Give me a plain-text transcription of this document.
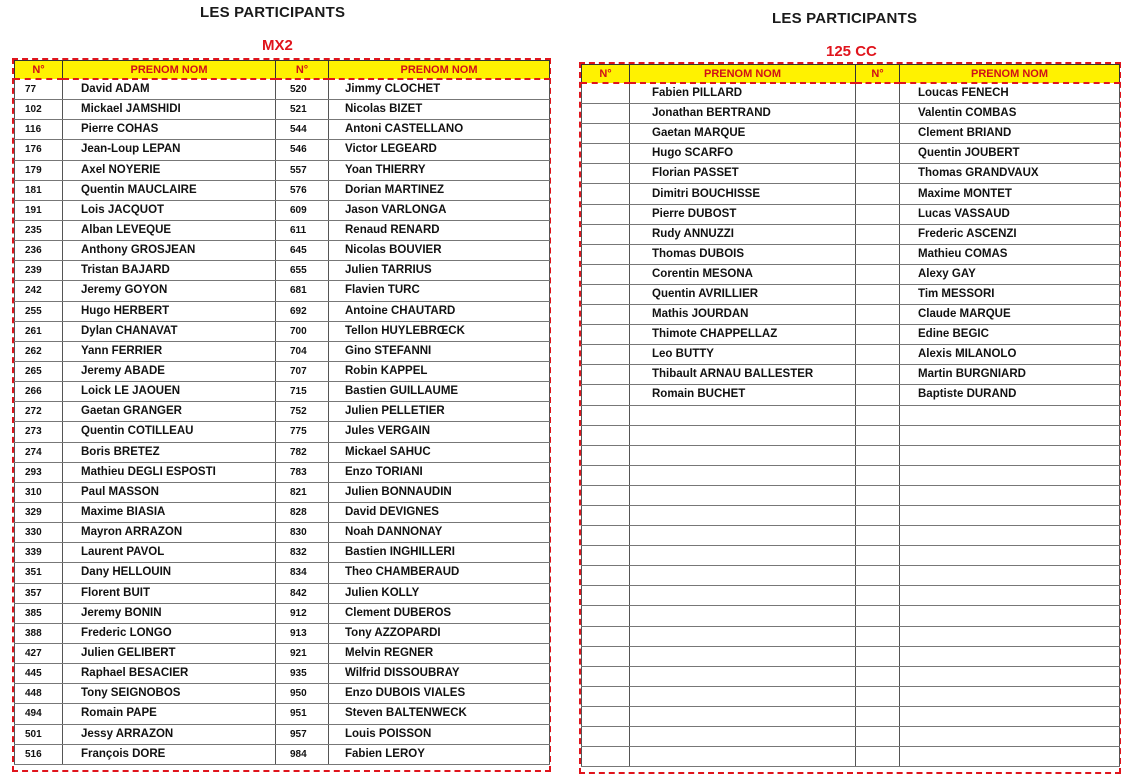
LES PARTICIPANTS
MX2
N°	PRENOM NOM	N°	PRENOM NOM
77	David ADAM	520	Jimmy CLOCHET
102	Mickael JAMSHIDI	521	Nicolas BIZET
116	Pierre COHAS	544	Antoni CASTELLANO
176	Jean-Loup LEPAN	546	Victor LEGEARD
179	Axel NOYERIE	557	Yoan THIERRY
181	Quentin MAUCLAIRE	576	Dorian MARTINEZ
191	Lois JACQUOT	609	Jason VARLONGA
235	Alban LEVEQUE	611	Renaud RENARD
236	Anthony GROSJEAN	645	Nicolas BOUVIER
239	Tristan BAJARD	655	Julien TARRIUS
242	Jeremy GOYON	681	Flavien TURC
255	Hugo HERBERT	692	Antoine CHAUTARD
261	Dylan CHANAVAT	700	Tellon HUYLEBRŒCK
262	Yann FERRIER	704	Gino STEFANNI
265	Jeremy ABADE	707	Robin KAPPEL
266	Loick LE JAOUEN	715	Bastien GUILLAUME
272	Gaetan GRANGER	752	Julien PELLETIER
273	Quentin COTILLEAU	775	Jules VERGAIN
274	Boris BRETEZ	782	Mickael SAHUC
293	Mathieu DEGLI ESPOSTI	783	Enzo TORIANI
310	Paul MASSON	821	Julien BONNAUDIN
329	Maxime BIASIA	828	David DEVIGNES
330	Mayron ARRAZON	830	Noah DANNONAY
339	Laurent PAVOL	832	Bastien INGHILLERI
351	Dany HELLOUIN	834	Theo CHAMBERAUD
357	Florent BUIT	842	Julien KOLLY
385	Jeremy BONIN	912	Clement DUBEROS
388	Frederic LONGO	913	Tony AZZOPARDI
427	Julien GELIBERT	921	Melvin REGNER
445	Raphael BESACIER	935	Wilfrid DISSOUBRAY
448	Tony SEIGNOBOS	950	Enzo DUBOIS VIALES
494	Romain PAPE	951	Steven BALTENWECK
501	Jessy ARRAZON	957	Louis POISSON
516	François DORE	984	Fabien LEROY
LES PARTICIPANTS
125 CC
N°	PRENOM NOM	N°	PRENOM NOM
	Fabien PILLARD		Loucas FENECH
	Jonathan BERTRAND		Valentin COMBAS
	Gaetan MARQUE		Clement BRIAND
	Hugo SCARFO		Quentin JOUBERT
	Florian PASSET		Thomas GRANDVAUX
	Dimitri BOUCHISSE		Maxime MONTET
	Pierre DUBOST		Lucas VASSAUD
	Rudy ANNUZZI		Frederic ASCENZI
	Thomas DUBOIS		Mathieu COMAS
	Corentin MESONA		Alexy GAY
	Quentin AVRILLIER		Tim MESSORI
	Mathis JOURDAN		Claude MARQUE
	Thimote CHAPPELLAZ		Edine BEGIC
	Leo BUTTY		Alexis MILANOLO
	Thibault ARNAU BALLESTER		Martin BURGNIARD
	Romain BUCHET		Baptiste DURAND
